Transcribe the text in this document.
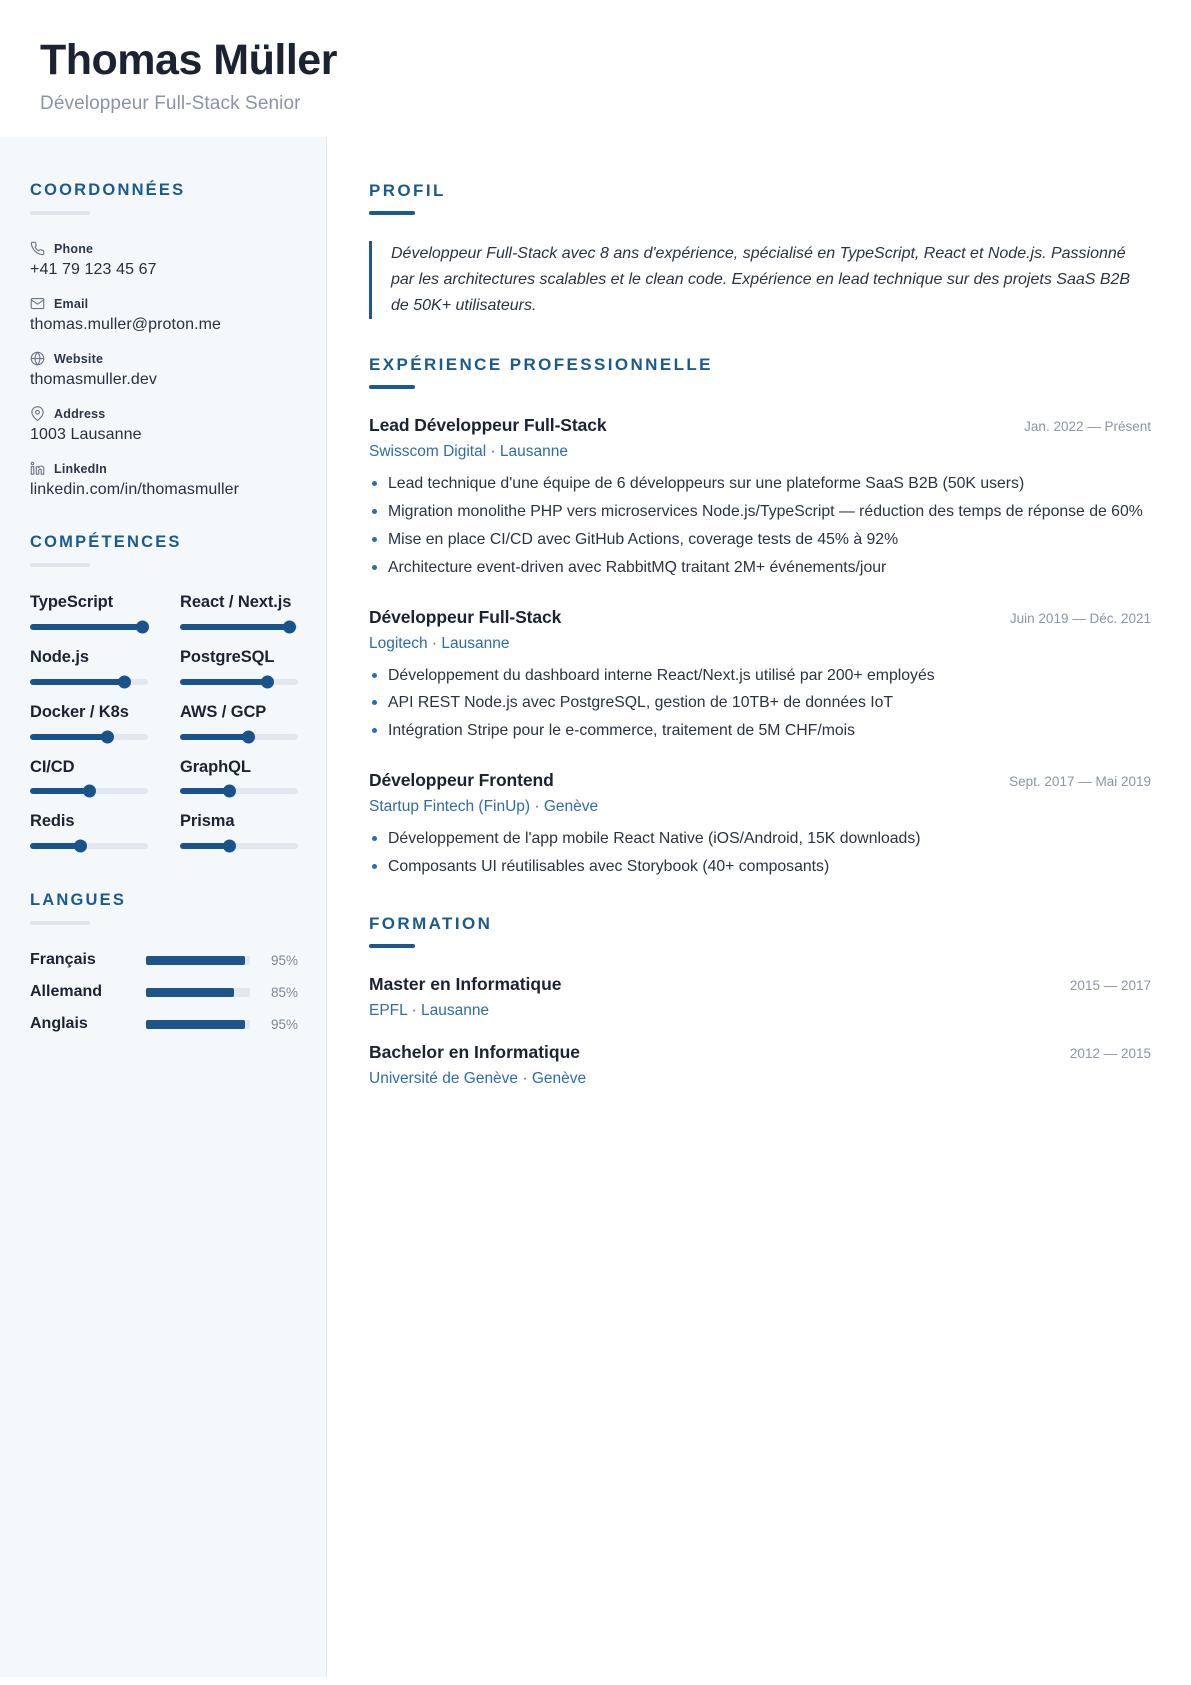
Thomas Müller
Développeur Full-Stack Senior
COORDONNÉES
Phone
+41 79 123 45 67
Email
thomas.muller@proton.me
Website
thomasmuller.dev
Address
1003 Lausanne
LinkedIn
linkedin.com/in/thomasmuller
COMPÉTENCES
TypeScript	React / Next.js
Node.js	PostgreSQL
Docker / K8s	AWS / GCP
CI/CD	GraphQL
Redis	Prisma
LANGUES
Français	95%
Allemand	85%
Anglais	95%
PROFIL
Développeur Full-Stack avec 8 ans d'expérience, spécialisé en TypeScript, React et Node.js. Passionné par les architectures scalables et le clean code. Expérience en lead technique sur des projets SaaS B2B de 50K+ utilisateurs.
EXPÉRIENCE PROFESSIONNELLE
Lead Développeur Full-Stack	Jan. 2022 — Présent
Swisscom Digital · Lausanne
Lead technique d'une équipe de 6 développeurs sur une plateforme SaaS B2B (50K users)
Migration monolithe PHP vers microservices Node.js/TypeScript — réduction des temps de réponse de 60%
Mise en place CI/CD avec GitHub Actions, coverage tests de 45% à 92%
Architecture event-driven avec RabbitMQ traitant 2M+ événements/jour
Développeur Full-Stack	Juin 2019 — Déc. 2021
Logitech · Lausanne
Développement du dashboard interne React/Next.js utilisé par 200+ employés
API REST Node.js avec PostgreSQL, gestion de 10TB+ de données IoT
Intégration Stripe pour le e-commerce, traitement de 5M CHF/mois
Développeur Frontend	Sept. 2017 — Mai 2019
Startup Fintech (FinUp) · Genève
Développement de l'app mobile React Native (iOS/Android, 15K downloads)
Composants UI réutilisables avec Storybook (40+ composants)
FORMATION
Master en Informatique	2015 — 2017
EPFL · Lausanne
Bachelor en Informatique	2012 — 2015
Université de Genève · Genève
